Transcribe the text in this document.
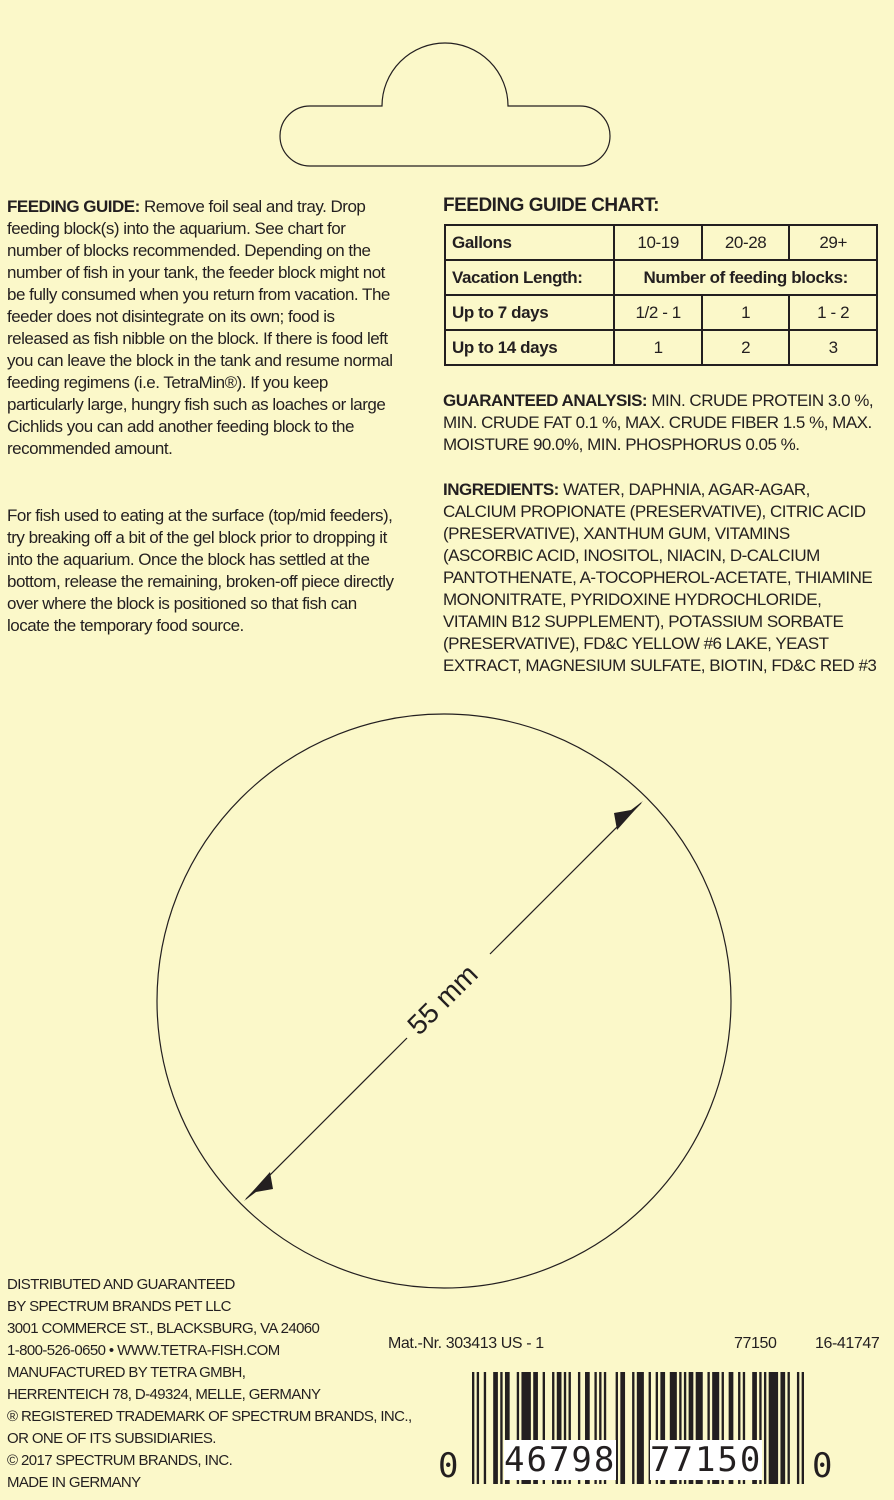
FEEDING GUIDE: Remove foil seal and tray. Drop feeding block(s) into the aquarium. See chart for number of blocks recommended. Depending on the number of fish in your tank, the feeder block might not be fully consumed when you return from vacation. The feeder does not disintegrate on its own; food is released as fish nibble on the block. If there is food left you can leave the block in the tank and resume normal feeding regimens (i.e. TetraMin®). If you keep particularly large, hungry fish such as loaches or large Cichlids you can add another feeding block to the recommended amount.

For fish used to eating at the surface (top/mid feeders), try breaking off a bit of the gel block prior to dropping it into the aquarium. Once the block has settled at the bottom, release the remaining, broken-off piece directly over where the block is positioned so that fish can locate the temporary food source.

FEEDING GUIDE CHART:
Gallons	10-19	20-28	29+
Vacation Length:	Number of feeding blocks:		
Up to 7 days	1/2 - 1	1	1 - 2
Up to 14 days	1	2	3

GUARANTEED ANALYSIS: MIN. CRUDE PROTEIN 3.0 %, MIN. CRUDE FAT 0.1 %, MAX. CRUDE FIBER 1.5 %, MAX. MOISTURE 90.0%, MIN. PHOSPHORUS 0.05 %.

INGREDIENTS: WATER, DAPHNIA, AGAR-AGAR, CALCIUM PROPIONATE (PRESERVATIVE), CITRIC ACID (PRESERVATIVE), XANTHUM GUM, VITAMINS (ASCORBIC ACID, INOSITOL, NIACIN, D-CALCIUM PANTOTHENATE, A-TOCOPHEROL-ACETATE, THIAMINE MONONITRATE, PYRIDOXINE HYDROCHLORIDE, VITAMIN B12 SUPPLEMENT), POTASSIUM SORBATE (PRESERVATIVE), FD&C YELLOW #6 LAKE, YEAST EXTRACT, MAGNESIUM SULFATE, BIOTIN, FD&C RED #3

55 mm
DISTRIBUTED AND GUARANTEED
BY SPECTRUM BRANDS PET LLC
3001 COMMERCE ST., BLACKSBURG, VA 24060
1-800-526-0650 • WWW.TETRA-FISH.COM
MANUFACTURED BY TETRA GMBH,
HERRENTEICH 78, D-49324, MELLE, GERMANY
® REGISTERED TRADEMARK OF SPECTRUM BRANDS, INC.,
OR ONE OF ITS SUBSIDIARIES.
© 2017 SPECTRUM BRANDS, INC.
MADE IN GERMANY
Mat.-Nr. 303413 US - 1	77150 16-41747
0 46798 77150 0
